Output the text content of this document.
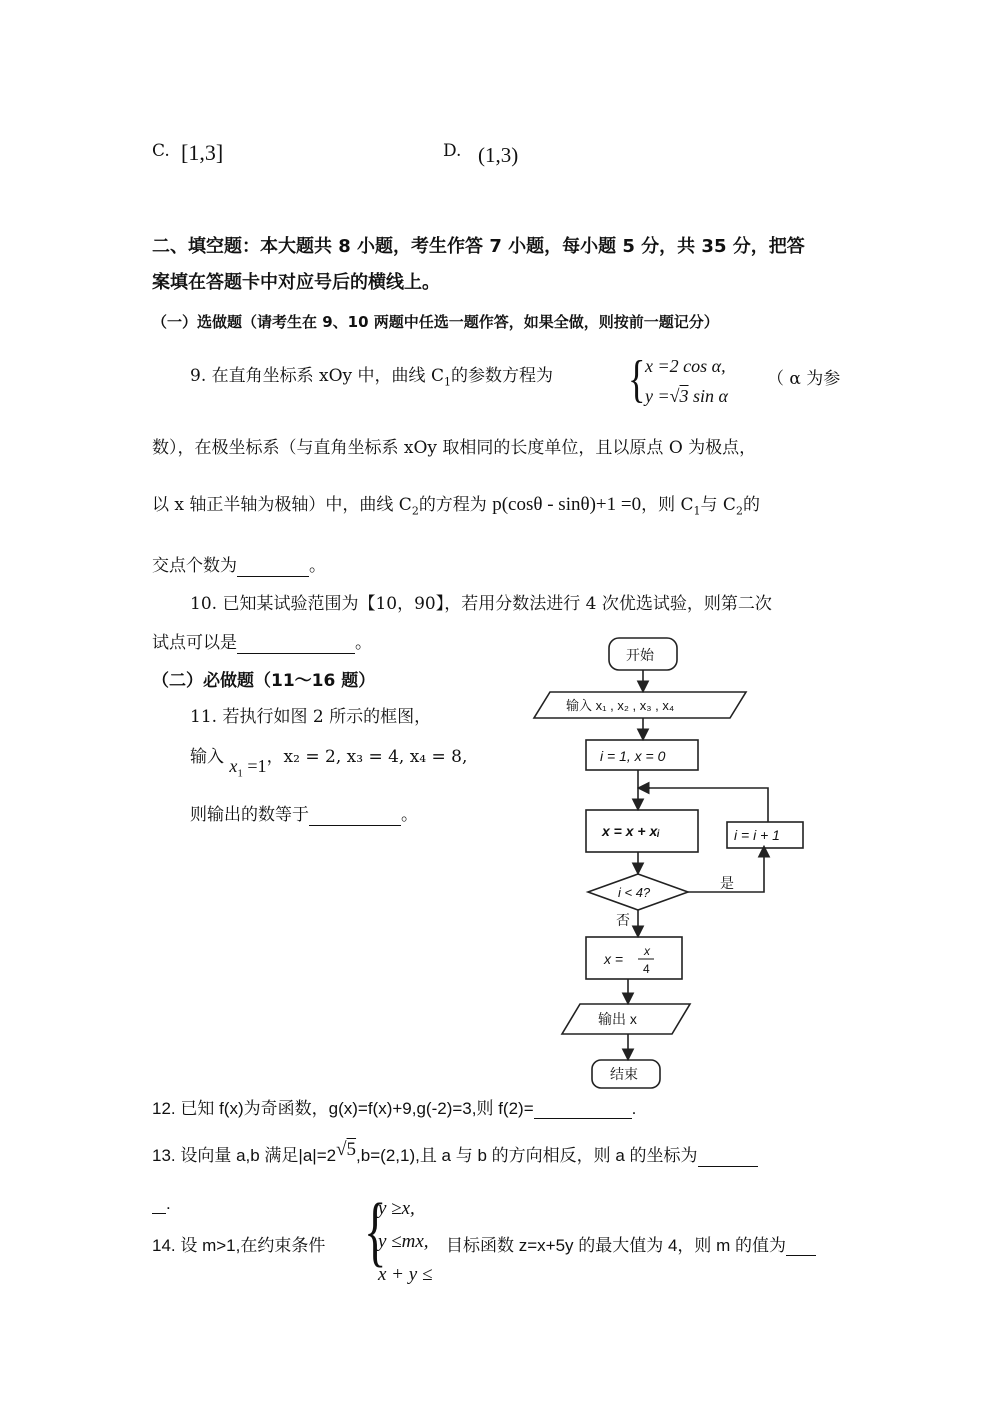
C. [1,3]	D. (1,3)
二、填空题：本大题共 8 小题，考生作答 7 小题，每小题 5 分，共 35 分，把答
案填在答题卡中对应号后的横线上。
（一）选做题（请考生在 9、10 两题中任选一题作答，如果全做，则按前一题记分）
9. 在直角坐标系 xOy 中，曲线 $C_1$的参数方程为 { x =2 cos α,
y =√3 sin α
（ α 为参
数），在极坐标系（与直角坐标系 xOy 取相同的长度单位，且以原点 O 为极点，
以 x 轴正半轴为极轴）中，曲线 $C_2$的方程为 p(cosθ - sinθ)+1 =0，则 $C_1$与 $C_2$的
交点个数为	。
10. 已知某试验范围为【10，90】，若用分数法进行 4 次优选试验，则第二次
试点可以是	。
（二）必做题（11～16 题）
11. 若执行如图 2 所示的框图，
输入 $x_1 =1$，x₂ = 2, x₃ = 4, x₄ = 8,
则输出的数等于	。
开始
输入 x₁ , x₂ , x₃ , x₄
i = 1, x = 0
x = x + xᵢ	i = i + 1
i < 4?
是
否
x = x
4
输出 x
结束
12. 已知 f(x)为奇函数，g(x)=f(x)+9,g(-2)=3,则 f(2)=	.
13. 设向量 a,b 满足|a|=2√5,b=(2,1),且 a 与 b 的方向相反，则 a 的坐标为
.
14. 设 m>1,在约束条件 {
y ≥x,
y ≤mx,
x + y ≤
目标函数 z=x+5y 的最大值为 4，则 m 的值为
